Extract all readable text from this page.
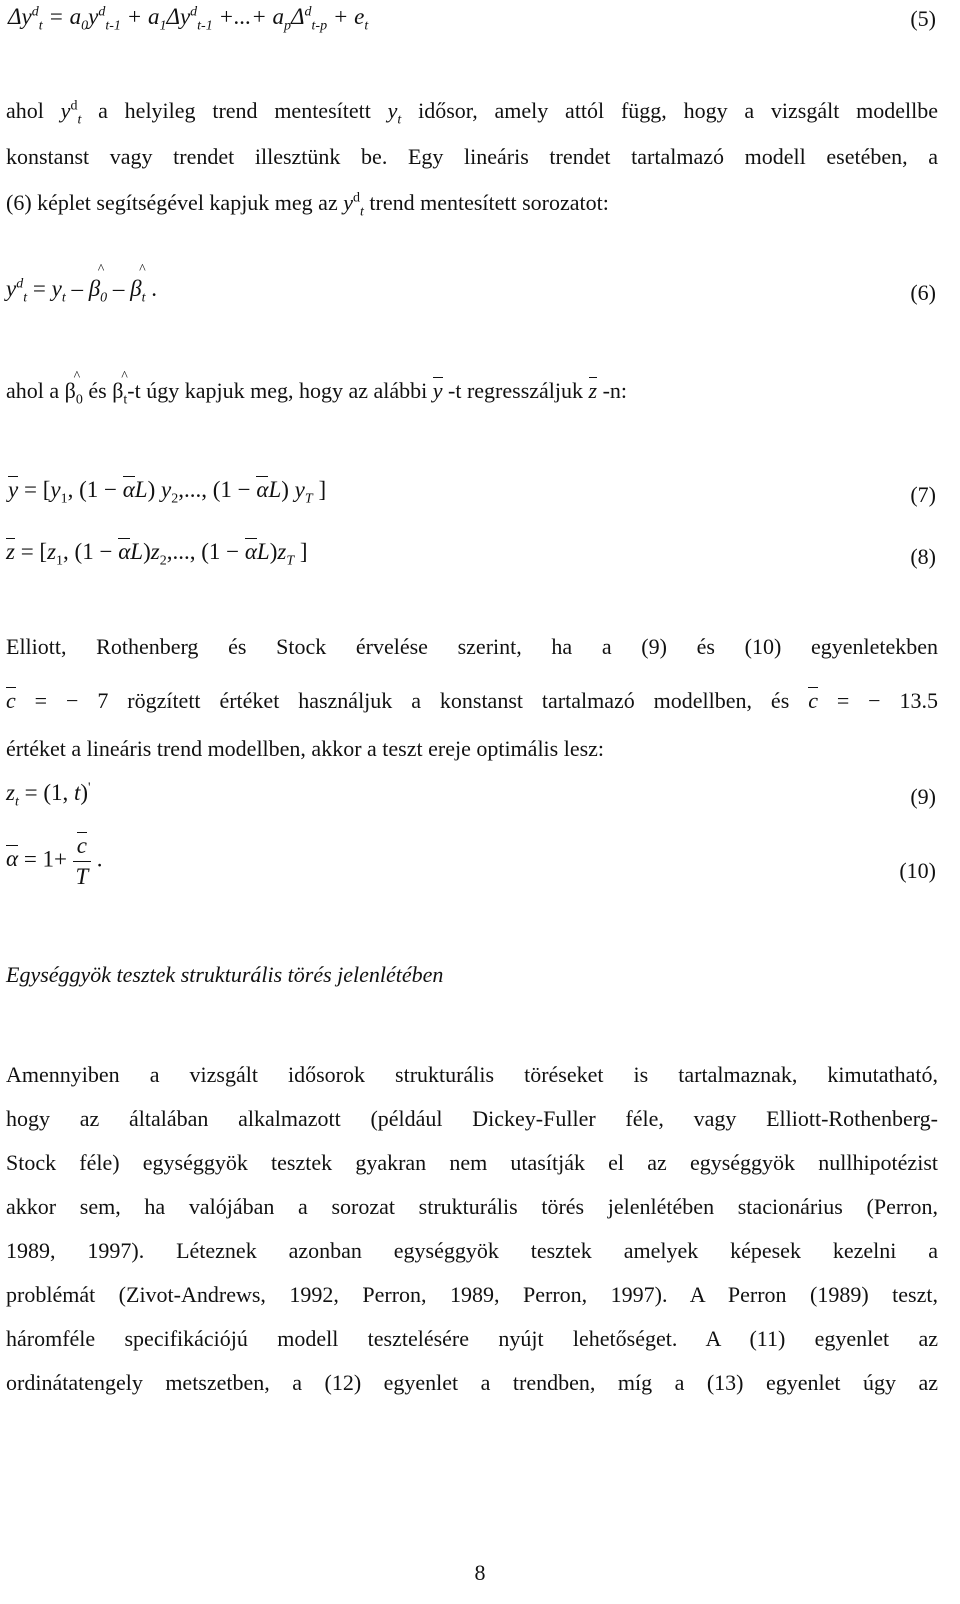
$\Delta y^d_t = a_0y^d_{t-1} + a_1\Delta y^d_{t-1}$ +...+ $a_p\Delta^d_{t-p} + e_t$	(5)
ahol $y^d_t$ a helyileg trend mentesített $y_t$ idősor, amely attól függ, hogy a vizsgált modellbe
konstanst vagy trendet illesztünk be. Egy lineáris trendet tartalmazó modell esetében, a
(6) képlet segítségével kapjuk meg az $y^d_t$ trend mentesített sorozatot:
$y^d_t = y_t - \beta$
^
$_0$ – β
^
$_t$ .	(6)
ahol a β
^
$_0$ és β
^
$_t$-t úgy kapjuk meg, hogy az alábbi y -t regresszáljuk z -n:
$y = [y_1$, (1 − αL) $y_2$,..., (1 − αL) $y_T$ ]	(7)
$z = [z_1$, $(1 - \alpha L)z_2$,..., $(1 - \alpha L)z_T$ ]	(8)
Elliott, Rothenberg és Stock érvelése szerint, ha a (9) és (10) egyenletekben
c = − 7 rögzített értéket használjuk a konstanst tartalmazó modellben, és c = − 13.5
értéket a lineáris trend modellben, akkor a teszt ereje optimális lesz:
$z_t = (1$, t)'	(9)
$\alpha = 1+ \frac{c}{T}$ .	(10)
Egységgyök tesztek strukturális törés jelenlétében
Amennyiben a vizsgált idősorok strukturális töréseket is tartalmaznak, kimutatható,
hogy az általában alkalmazott (például Dickey-Fuller féle, vagy Elliott-Rothenberg-
Stock féle) egységgyök tesztek gyakran nem utasítják el az egységgyök nullhipotézist
akkor sem, ha valójában a sorozat strukturális törés jelenlétében stacionárius (Perron,
1989, 1997). Léteznek azonban egységgyök tesztek amelyek képesek kezelni a
problémát (Zivot-Andrews, 1992, Perron, 1989, Perron, 1997). A Perron (1989) teszt,
háromféle specifikációjú modell tesztelésére nyújt lehetőséget. A (11) egyenlet az
ordinátatengely metszetben, a (12) egyenlet a trendben, míg a (13) egyenlet úgy az
8
